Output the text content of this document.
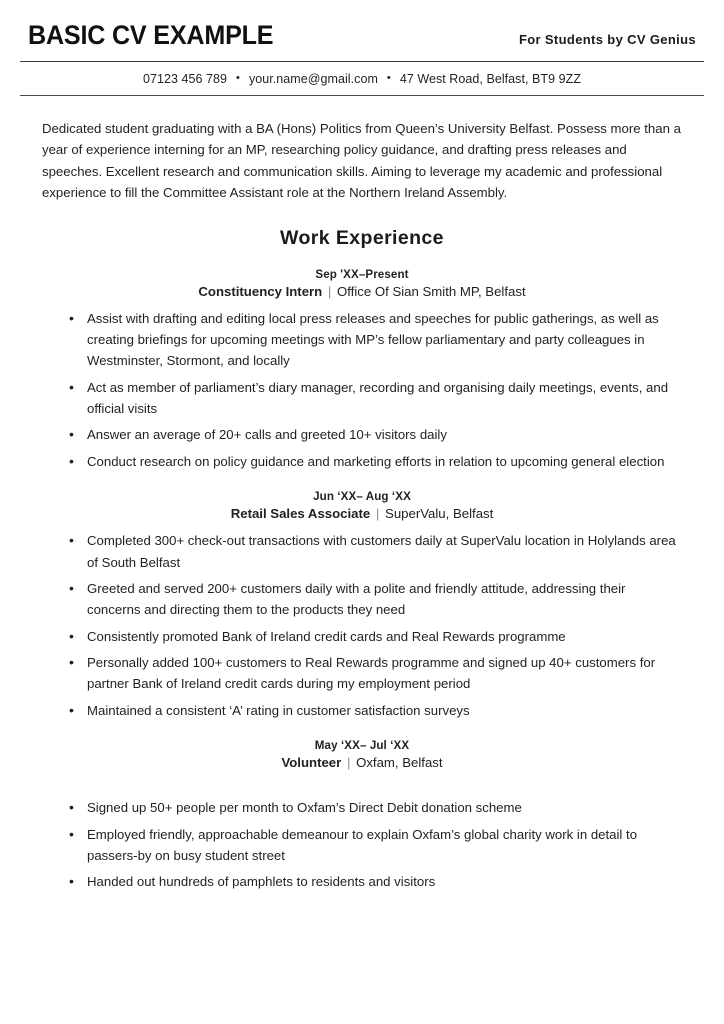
BASIC CV EXAMPLE	For Students by CV Genius
07123 456 789 • your.name@gmail.com • 47 West Road, Belfast, BT9 9ZZ

Dedicated student graduating with a BA (Hons) Politics from Queen’s University Belfast. Possess more than a year of experience interning for an MP, researching policy guidance, and drafting press releases and speeches. Excellent research and communication skills. Aiming to leverage my academic and professional experience to fill the Committee Assistant role at the Northern Ireland Assembly.

Work Experience
Sep 'XX–Present
Constituency Intern | Office Of Sian Smith MP, Belfast
• Assist with drafting and editing local press releases and speeches for public gatherings, as well as creating briefings for upcoming meetings with MP’s fellow parliamentary and party colleagues in Westminster, Stormont, and locally
• Act as member of parliament’s diary manager, recording and organising daily meetings, events, and official visits
• Answer an average of 20+ calls and greeted 10+ visitors daily
• Conduct research on policy guidance and marketing efforts in relation to upcoming general election
Jun ‘XX– Aug ‘XX
Retail Sales Associate | SuperValu, Belfast
• Completed 300+ check-out transactions with customers daily at SuperValu location in Holylands area of South Belfast
• Greeted and served 200+ customers daily with a polite and friendly attitude, addressing their concerns and directing them to the products they need
• Consistently promoted Bank of Ireland credit cards and Real Rewards programme
• Personally added 100+ customers to Real Rewards programme and signed up 40+ customers for partner Bank of Ireland credit cards during my employment period
• Maintained a consistent ‘A’ rating in customer satisfaction surveys
May ‘XX– Jul ‘XX
Volunteer | Oxfam, Belfast
• Signed up 50+ people per month to Oxfam’s Direct Debit donation scheme
• Employed friendly, approachable demeanour to explain Oxfam’s global charity work in detail to passers-by on busy student street
• Handed out hundreds of pamphlets to residents and visitors
